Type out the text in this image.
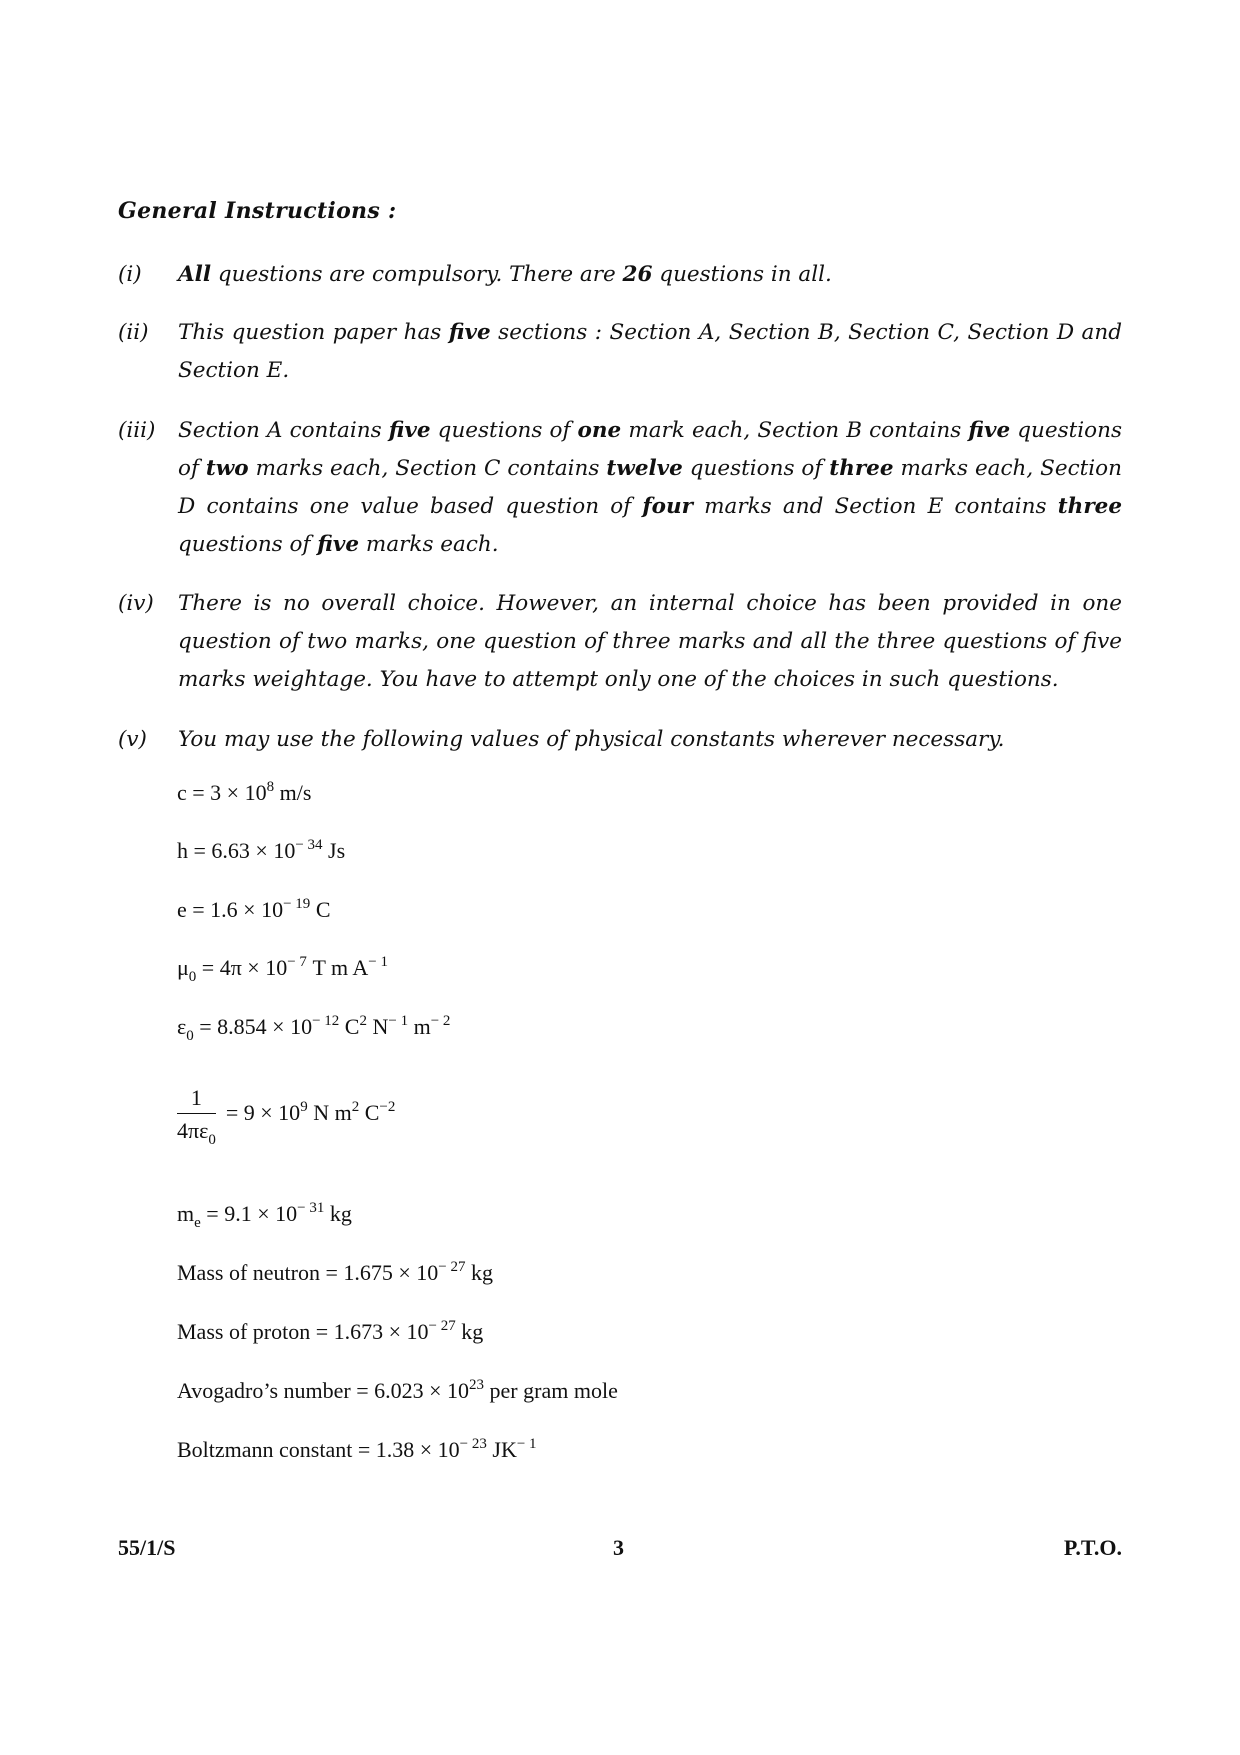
General Instructions :
(i)	All questions are compulsory. There are 26 questions in all.
(ii)	This question paper has five sections : Section A, Section B, Section C, Section D and Section E.
(iii)	Section A contains five questions of one mark each, Section B contains five questions of two marks each, Section C contains twelve questions of three marks each, Section D contains one value based question of four marks and Section E contains three questions of five marks each.
(iv)	There is no overall choice. However, an internal choice has been provided in one question of two marks, one question of three marks and all the three questions of five marks weightage. You have to attempt only one of the choices in such questions.
(v)	You may use the following values of physical constants wherever necessary.
$c = 3 \times 10^8$ m/s
$h = 6.63 \times 10^{- 34}$ Js
$e = 1.6 \times 10^{- 19}$ C
$\mu_0 = 4\pi \times 10^{- 7}$ T m $A^{- 1}$
$\varepsilon_0 = 8.854 \times 10^{- 12}$ $C^2$ $N^{- 1}$ $m^{- 2}$
$\frac{1}{4\pi\varepsilon_0} = 9 \times 10^9$ N $m^2$ $C^{-2}$
$m_e = 9.1 \times 10^{- 31}$ kg
Mass of neutron = $1.675 \times 10^{- 27}$ kg
Mass of proton = $1.673 \times 10^{- 27}$ kg
Avogadro’s number = $6.023 \times 10^{23}$ per gram mole
Boltzmann constant = $1.38 \times 10^{- 23}$ $JK^{- 1}$
55/1/S	3	P.T.O.
